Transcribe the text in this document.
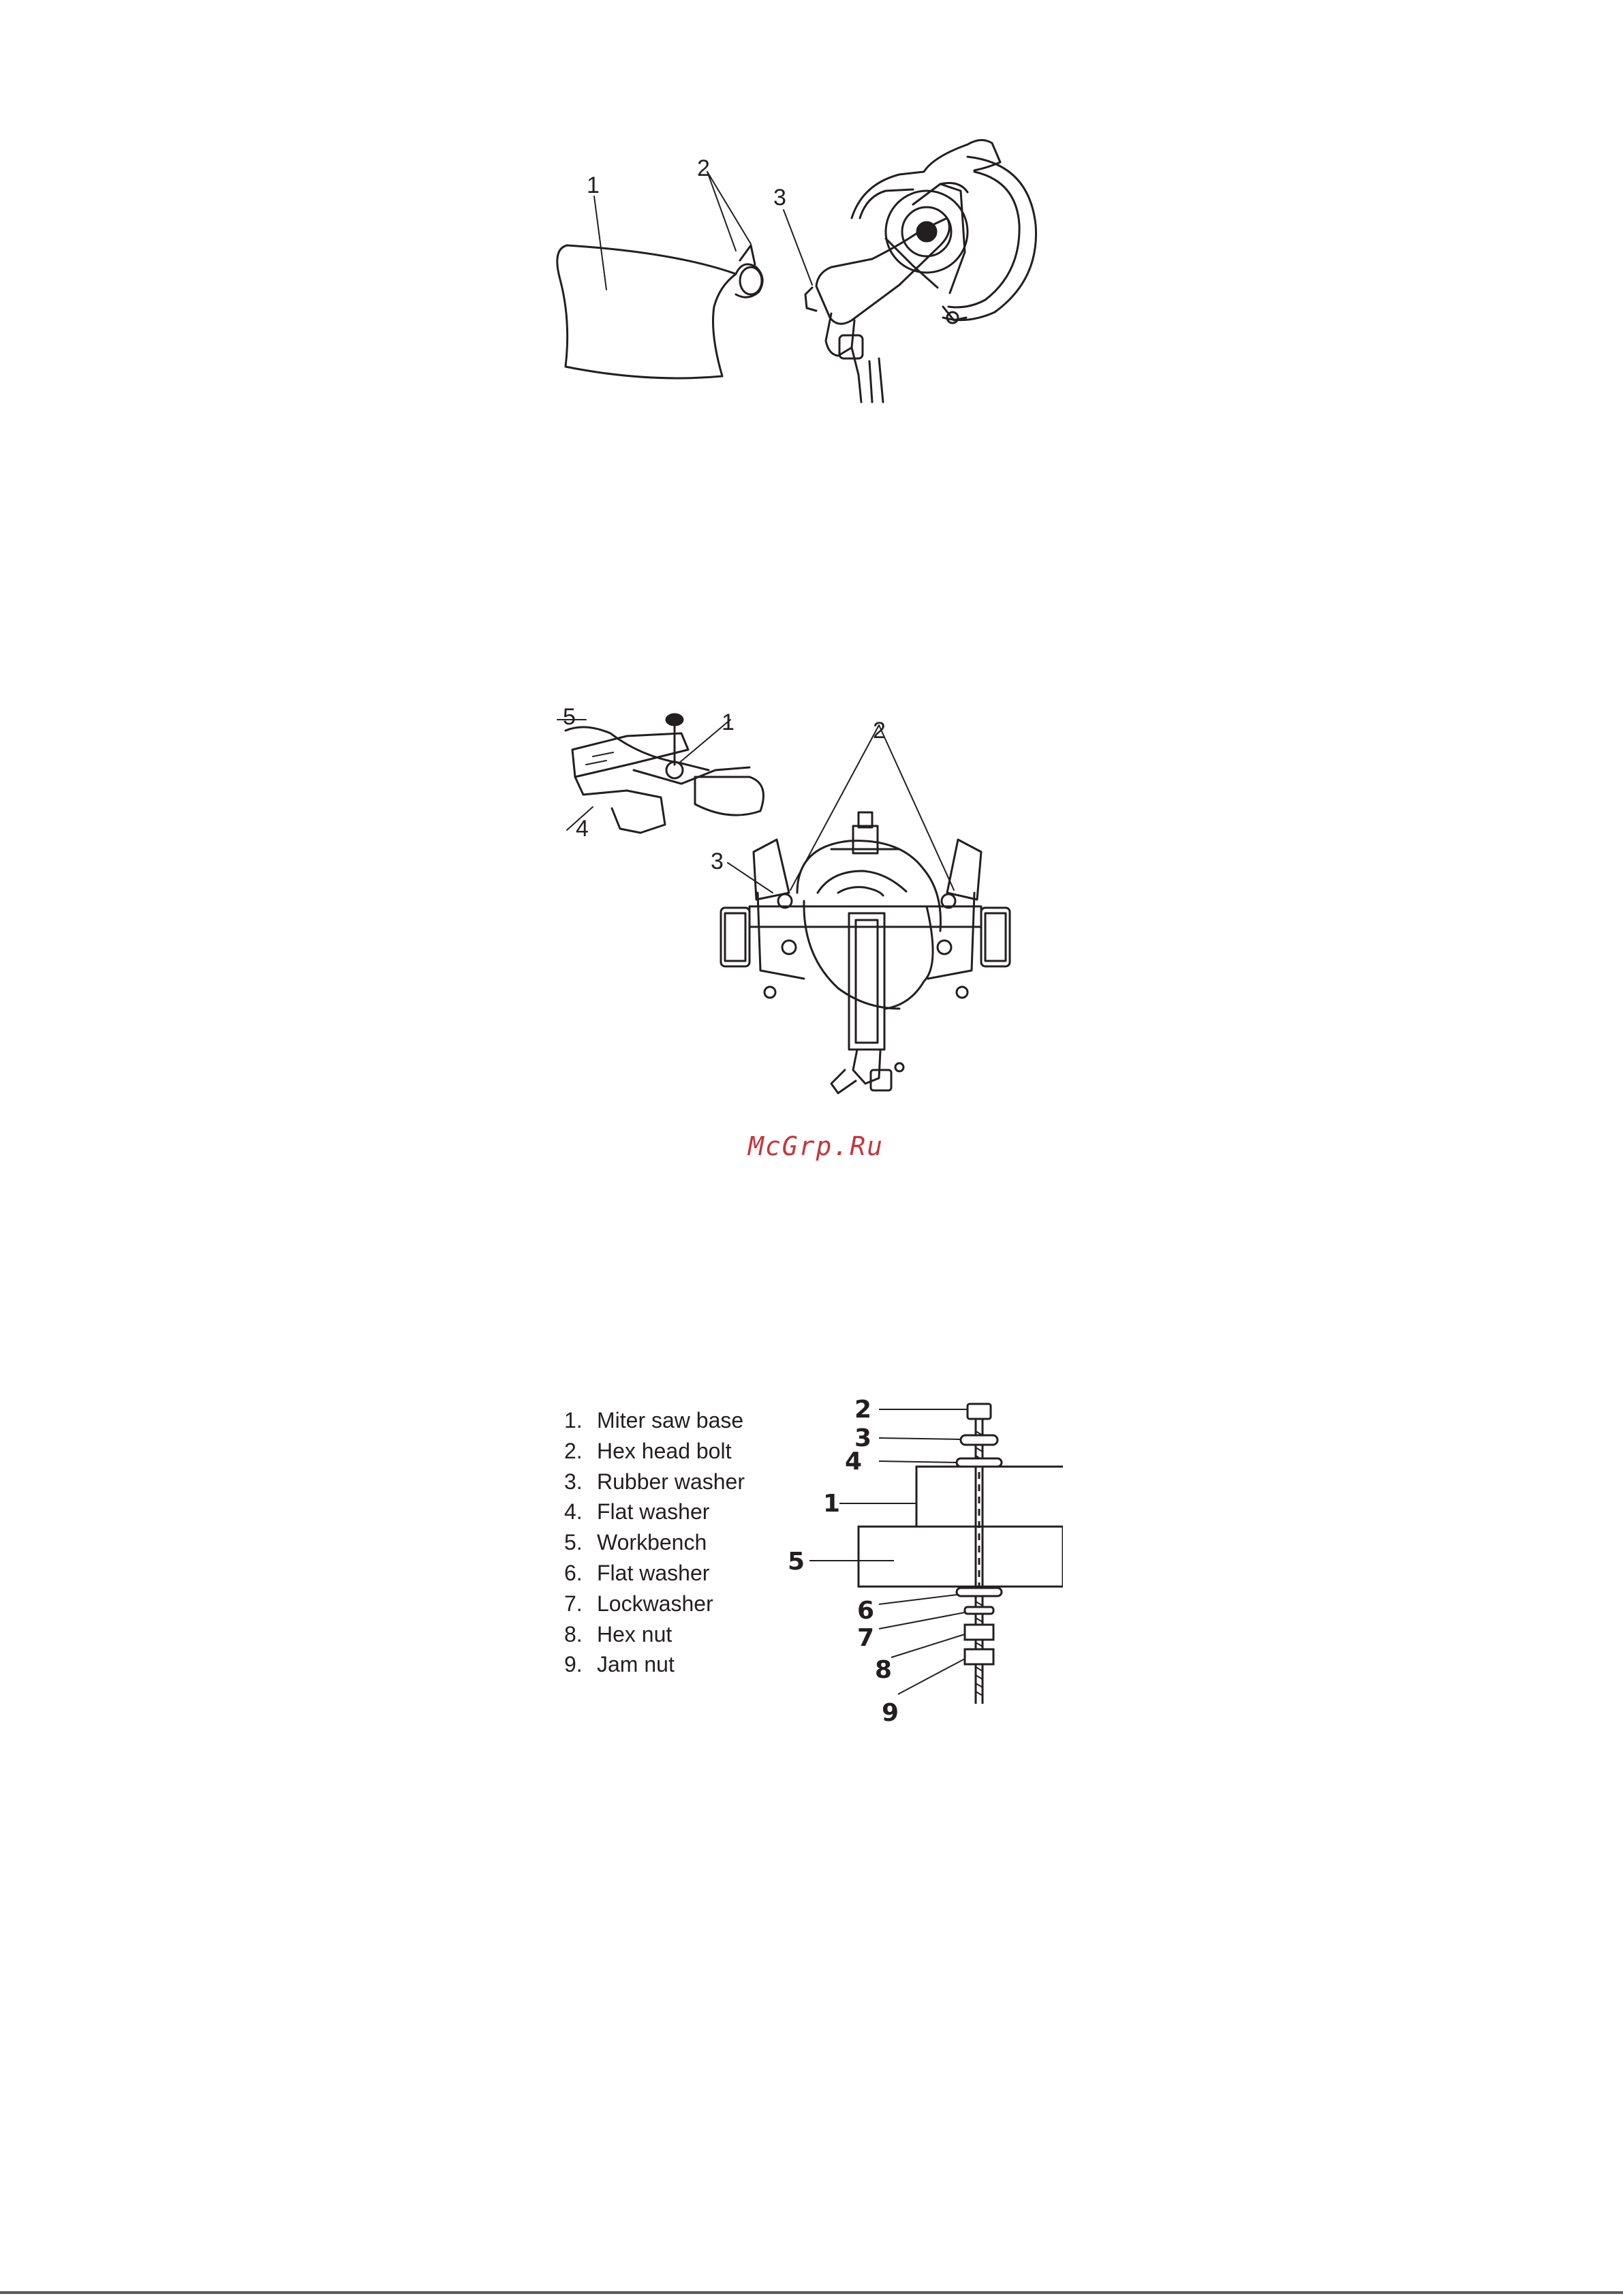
1
2
3
5	1	2
3
4
McGrp.Ru
1. Miter saw base
2. Hex head bolt
3. Rubber washer
4. Flat washer
5. Workbench
6. Flat washer
7. Lockwasher
8. Hex nut
9. Jam nut
2
3
4
1
5
6
7
8
9
